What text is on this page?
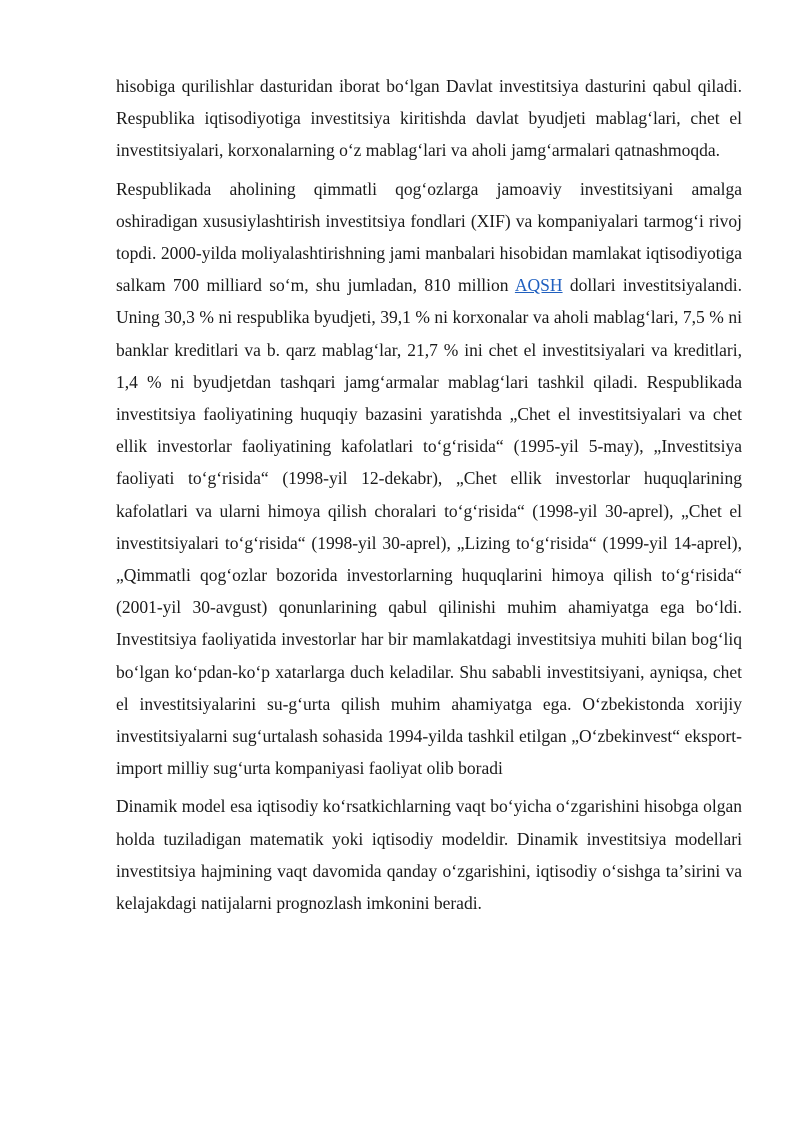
hisobiga qurilishlar dasturidan iborat boʻlgan Davlat investitsiya dasturini qabul qiladi. Respublika iqtisodiyotiga investitsiya kiritishda davlat byudjeti mablagʻlari, chet el investitsiyalari, korxonalarning oʻz mablagʻlari va aholi jamgʻarmalari qatnashmoqda.

Respublikada aholining qimmatli qogʻozlarga jamoaviy investitsiyani amalga oshiradigan xususiylashtirish investitsiya fondlari (XIF) va kompaniyalari tarmogʻi rivoj topdi. 2000-yilda moliyalashtirishning jami manbalari hisobidan mamlakat iqtisodiyotiga salkam 700 milliard soʻm, shu jumladan, 810 million AQSH dollari investitsiyalandi. Uning 30,3 % ni respublika byudjeti, 39,1 % ni korxonalar va aholi mablagʻlari, 7,5 % ni banklar kreditlari va b. qarz mablagʻlar, 21,7 % ini chet el investitsiyalari va kreditlari, 1,4 % ni byudjetdan tashqari jamgʻarmalar mablagʻlari tashkil qiladi. Respublikada investitsiya faoliyatining huquqiy bazasini yaratishda „Chet el investitsiyalari va chet ellik investorlar faoliyatining kafolatlari toʻgʻrisida“ (1995-yil 5-may), „Investitsiya faoliyati toʻgʻrisida“ (1998-yil 12-dekabr), „Chet ellik investorlar huquqlarining kafolatlari va ularni himoya qilish choralari toʻgʻrisida“ (1998-yil 30-aprel), „Chet el investitsiyalari toʻgʻrisida“ (1998-yil 30-aprel), „Lizing toʻgʻrisida“ (1999-yil 14-aprel), „Qimmatli qogʻozlar bozorida investorlarning huquqlarini himoya qilish toʻgʻrisida“ (2001-yil 30-avgust) qonunlarining qabul qilinishi muhim ahamiyatga ega boʻldi. Investitsiya faoliyatida investorlar har bir mamlakatdagi investitsiya muhiti bilan bogʻliq boʻlgan koʻpdan-koʻp xatarlarga duch keladilar. Shu sababli investitsiyani, ayniqsa, chet el investitsiyalarini su-gʻurta qilish muhim ahamiyatga ega. Oʻzbekistonda xorijiy investitsiyalarni sugʻurtalash sohasida 1994-yilda tashkil etilgan „Oʻzbekinvest“ eksport-import milliy sugʻurta kompaniyasi faoliyat olib boradi

Dinamik model esa iqtisodiy koʻrsatkichlarning vaqt boʻyicha oʻzgarishini hisobga olgan holda tuziladigan matematik yoki iqtisodiy modeldir. Dinamik investitsiya modellari investitsiya hajmining vaqt davomida qanday oʻzgarishini, iqtisodiy oʻsishga taʼsirini va kelajakdagi natijalarni prognozlash imkonini beradi.
